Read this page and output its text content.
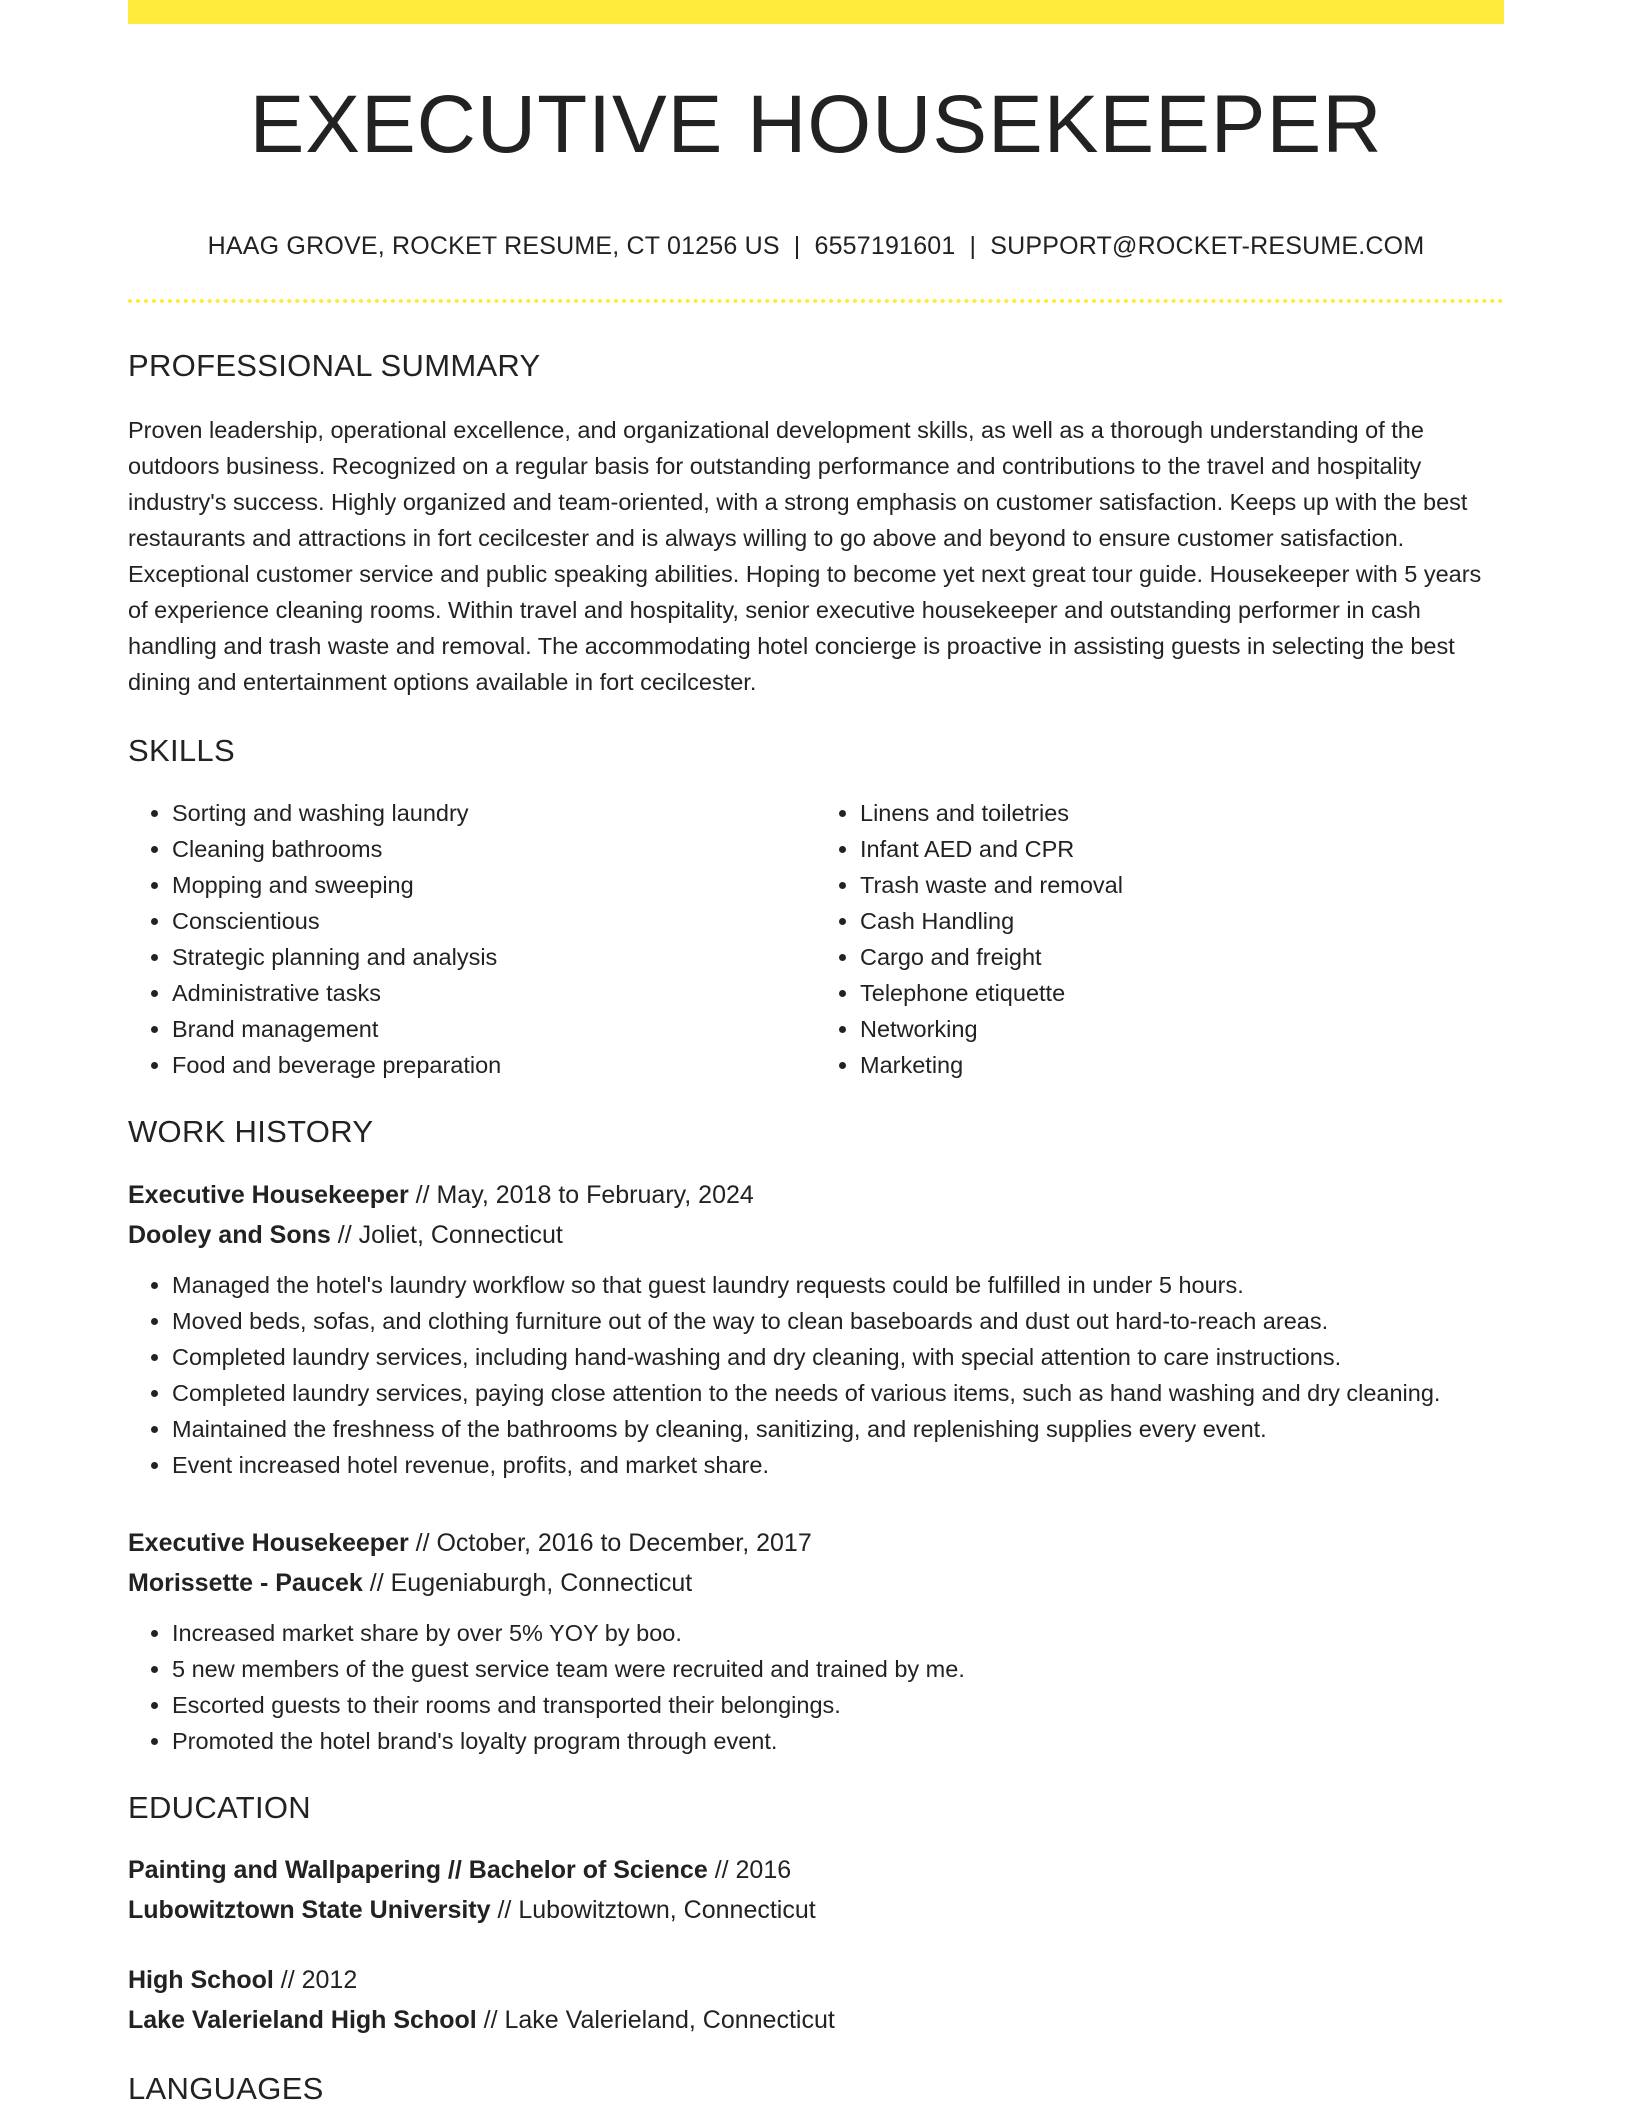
EXECUTIVE HOUSEKEEPER
HAAG GROVE, ROCKET RESUME, CT 01256 US | 6557191601 | SUPPORT@ROCKET-RESUME.COM
PROFESSIONAL SUMMARY
Proven leadership, operational excellence, and organizational development skills, as well as a thorough understanding of the outdoors business. Recognized on a regular basis for outstanding performance and contributions to the travel and hospitality industry's success. Highly organized and team-oriented, with a strong emphasis on customer satisfaction. Keeps up with the best restaurants and attractions in fort cecilcester and is always willing to go above and beyond to ensure customer satisfaction. Exceptional customer service and public speaking abilities. Hoping to become yet next great tour guide. Housekeeper with 5 years of experience cleaning rooms. Within travel and hospitality, senior executive housekeeper and outstanding performer in cash handling and trash waste and removal. The accommodating hotel concierge is proactive in assisting guests in selecting the best dining and entertainment options available in fort cecilcester.
SKILLS
• Sorting and washing laundry
• Cleaning bathrooms
• Mopping and sweeping
• Conscientious
• Strategic planning and analysis
• Administrative tasks
• Brand management
• Food and beverage preparation
• Linens and toiletries
• Infant AED and CPR
• Trash waste and removal
• Cash Handling
• Cargo and freight
• Telephone etiquette
• Networking
• Marketing
WORK HISTORY
Executive Housekeeper // May, 2018 to February, 2024
Dooley and Sons // Joliet, Connecticut
• Managed the hotel's laundry workflow so that guest laundry requests could be fulfilled in under 5 hours.
• Moved beds, sofas, and clothing furniture out of the way to clean baseboards and dust out hard-to-reach areas.
• Completed laundry services, including hand-washing and dry cleaning, with special attention to care instructions.
• Completed laundry services, paying close attention to the needs of various items, such as hand washing and dry cleaning.
• Maintained the freshness of the bathrooms by cleaning, sanitizing, and replenishing supplies every event.
• Event increased hotel revenue, profits, and market share.
Executive Housekeeper // October, 2016 to December, 2017
Morissette - Paucek // Eugeniaburgh, Connecticut
• Increased market share by over 5% YOY by boo.
• 5 new members of the guest service team were recruited and trained by me.
• Escorted guests to their rooms and transported their belongings.
• Promoted the hotel brand's loyalty program through event.
EDUCATION
Painting and Wallpapering // Bachelor of Science // 2016
Lubowitztown State University // Lubowitztown, Connecticut
High School // 2012
Lake Valerieland High School // Lake Valerieland, Connecticut
LANGUAGES
